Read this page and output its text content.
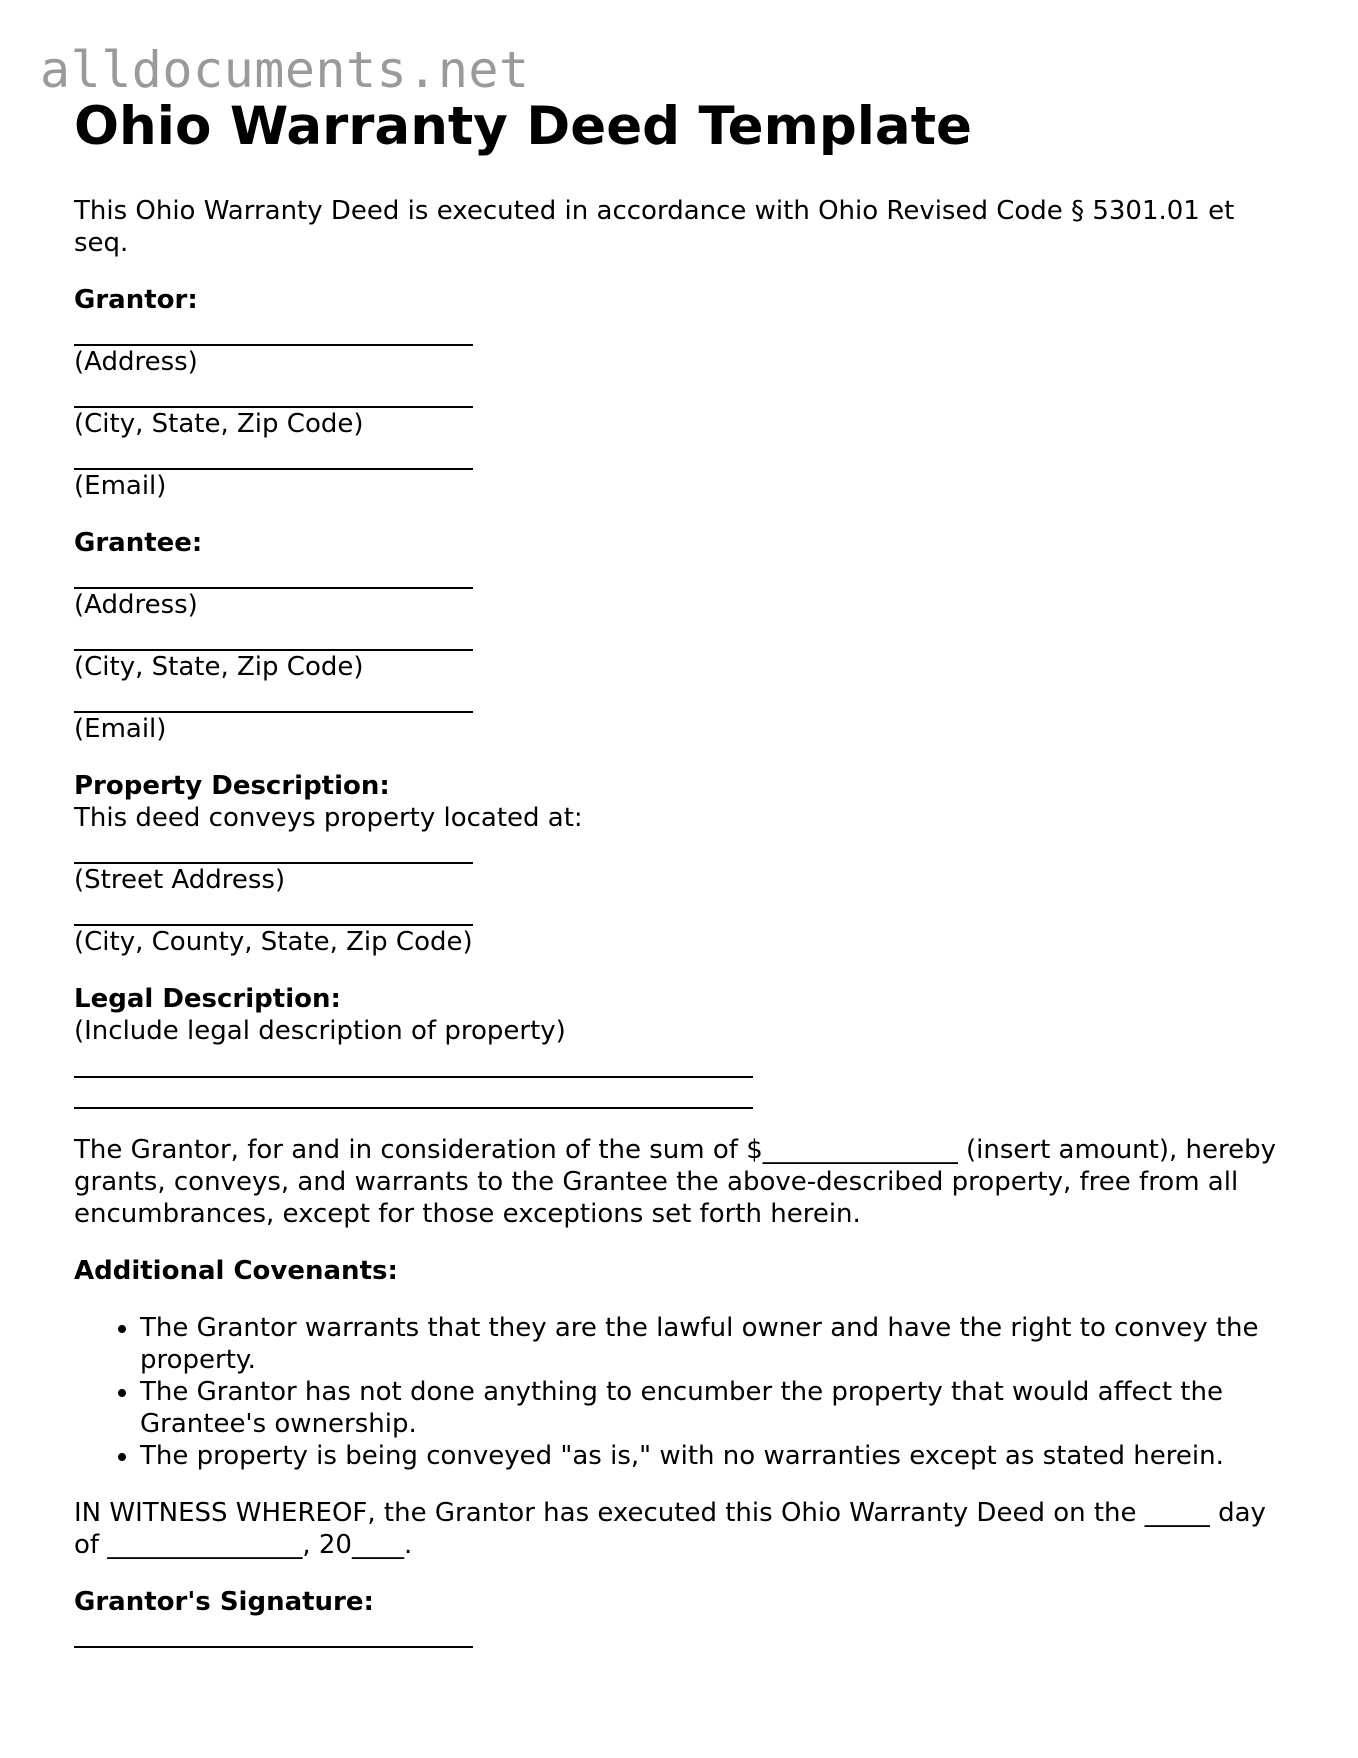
alldocuments.net
Ohio Warranty Deed Template

This Ohio Warranty Deed is executed in accordance with Ohio Revised Code § 5301.01 et seq.

Grantor:
(Address)
(City, State, Zip Code)
(Email)
Grantee:
(Address)
(City, State, Zip Code)
(Email)
Property Description:
This deed conveys property located at:
(Street Address)
(City, County, State, Zip Code)
Legal Description:
(Include legal description of property)

The Grantor, for and in consideration of the sum of $_______________ (insert amount), hereby grants, conveys, and warrants to the Grantee the above-described property, free from all encumbrances, except for those exceptions set forth herein.

Additional Covenants:
• The Grantor warrants that they are the lawful owner and have the right to convey the property.
• The Grantor has not done anything to encumber the property that would affect the Grantee's ownership.
• The property is being conveyed "as is," with no warranties except as stated herein.

IN WITNESS WHEREOF, the Grantor has executed this Ohio Warranty Deed on the _____ day of _______________, 20____.

Grantor's Signature:
